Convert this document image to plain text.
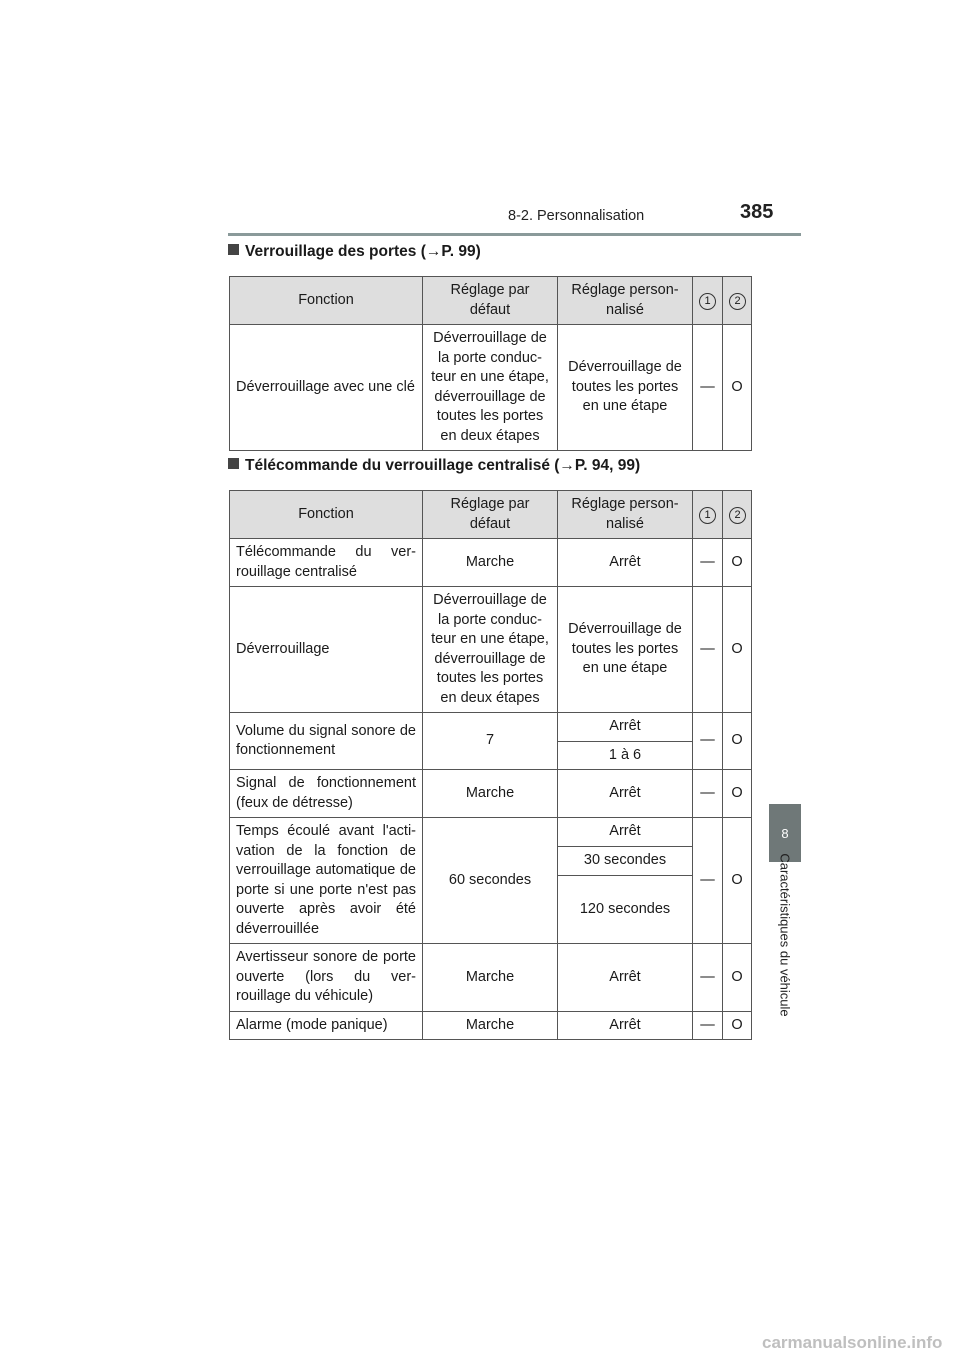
8-2. Personnalisation	385
8
Caractéristiques du véhicule
Verrouillage des portes (→P. 99)
Fonction	Réglage par défaut	Réglage person-nalisé	1	2
Déverrouillage avec une clé	Déverrouillage de la porte conduc-teur en une étape, déverrouillage de toutes les portes en deux étapes	Déverrouillage de toutes les portes en une étape	—	O
Télécommande du verrouillage centralisé (→P. 94, 99)
Fonction	Réglage par défaut	Réglage person-nalisé	1	2
Télécommande du ver-rouillage centralisé	Marche	Arrêt	—	O
Déverrouillage	Déverrouillage de la porte conduc-teur en une étape, déverrouillage de toutes les portes en deux étapes	Déverrouillage de toutes les portes en une étape	—	O
Volume du signal sonore de fonctionnement	7	Arrêt	—	O
		1 à 6		
Signal de fonctionnement (feux de détresse)	Marche	Arrêt	—	O
Temps écoulé avant l'acti-vation de la fonction de verrouillage automatique de porte si une porte n'est pas ouverte après avoir été déverrouillée	60 secondes	Arrêt	—	O
		30 secondes		
		120 secondes		
Avertisseur sonore de porte ouverte (lors du ver-rouillage du véhicule)	Marche	Arrêt	—	O
Alarme (mode panique)	Marche	Arrêt	—	O
carmanualsonline.info
